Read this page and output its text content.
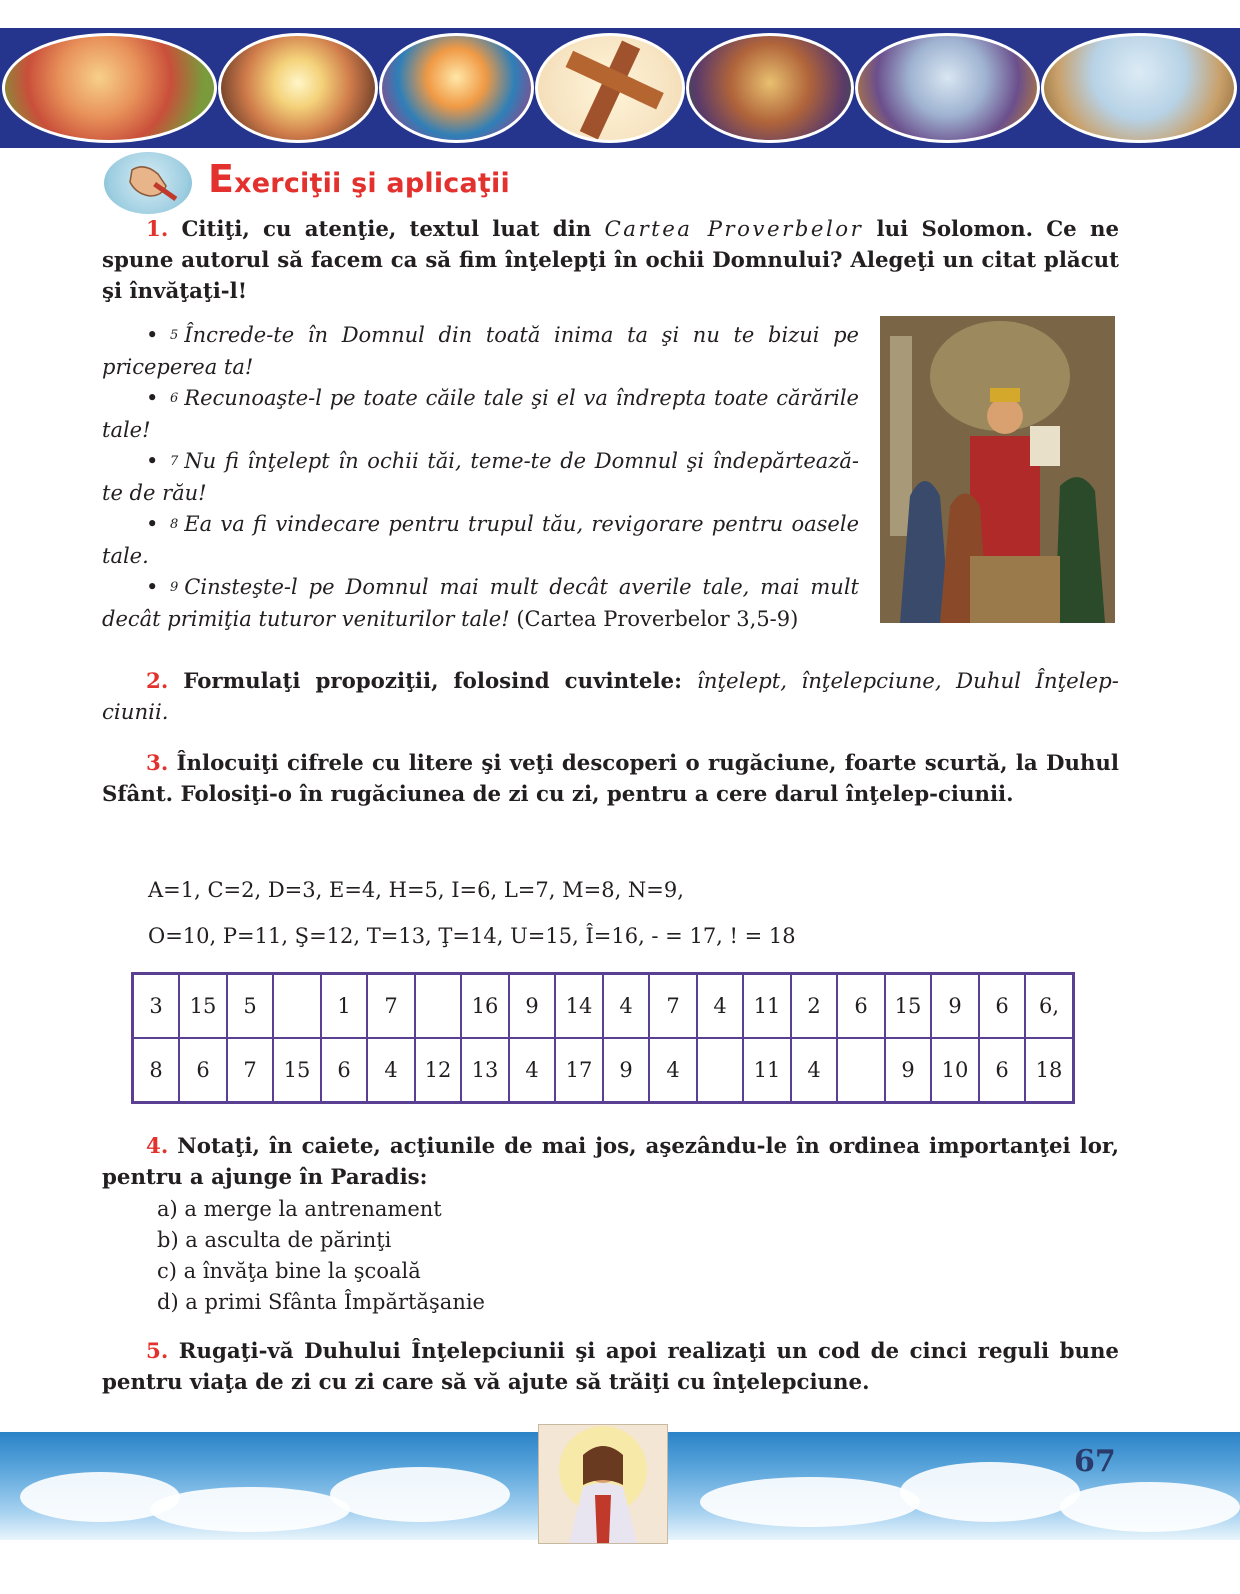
Exerciţii şi aplicaţii
1. Citiţi, cu atenţie, textul luat din Cartea Proverbelor lui Solomon. Ce ne spune autorul să facem ca să fim înţelepţi în ochii Domnului? Alegeţi un citat plăcut şi învăţaţi-l!
• $^5$ Încrede-te în Domnul din toată inima ta şi nu te bizui pe priceperea ta!
• $^6$ Recunoaşte-l pe toate căile tale şi el va îndrepta toate cărările tale!
• $^7$ Nu fi înţelept în ochii tăi, teme-te de Domnul şi îndepărtează-te de rău!
• $^8$ Ea va fi vindecare pentru trupul tău, revigorare pentru oasele tale.
• $^9$ Cinsteşte-l pe Domnul mai mult decât averile tale, mai mult decât primiţia tuturor veniturilor tale! (Cartea Proverbelor 3,5-9)
2. Formulaţi propoziţii, folosind cuvintele: înţelept, înţelepciune, Duhul Înţelep-ciunii.
3. Înlocuiţi cifrele cu litere şi veţi descoperi o rugăciune, foarte scurtă, la Duhul Sfânt. Folosiţi-o în rugăciunea de zi cu zi, pentru a cere darul înţelep-ciunii.
A=1, C=2, D=3, E=4, H=5, I=6, L=7, M=8, N=9,
O=10, P=11, Ş=12, T=13, Ţ=14, U=15, Î=16, - = 17, ! = 18
3	15	5		1	7		16	9	14	4	7	4	11	2	6	15	9	6	6,
8	6	7	15	6	4	12	13	4	17	9	4		11	4		9	10	6	18
4. Notaţi, în caiete, acţiunile de mai jos, aşezându-le în ordinea importanţei lor, pentru a ajunge în Paradis:
a) a merge la antrenament
b) a asculta de părinţi
c) a învăţa bine la şcoală
d) a primi Sfânta Împărtăşanie
5. Rugaţi-vă Duhului Înţelepciunii şi apoi realizaţi un cod de cinci reguli bune pentru viaţa de zi cu zi care să vă ajute să trăiţi cu înţelepciune.
67
